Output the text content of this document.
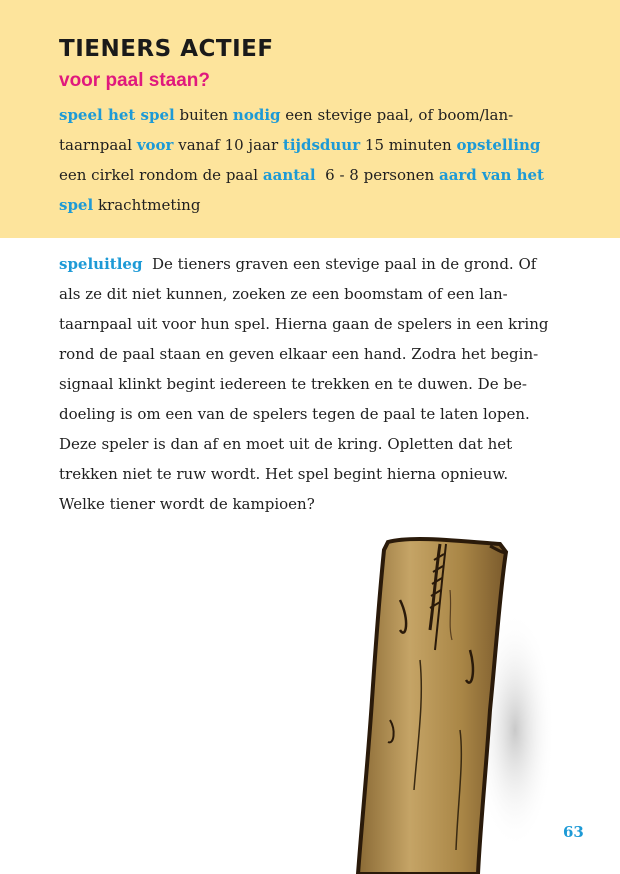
TIENERS ACTIEF
voor paal staan?
speel het spel buiten nodig een stevige paal, of boom/lan-
taarnpaal voor vanaf 10 jaar tijdsduur 15 minuten opstelling
een cirkel rondom de paal aantal 6 - 8 personen aard van het
spel krachtmeting
speluitleg De tieners graven een stevige paal in de grond. Of
als ze dit niet kunnen, zoeken ze een boomstam of een lan-
taarnpaal uit voor hun spel. Hierna gaan de spelers in een kring
rond de paal staan en geven elkaar een hand. Zodra het begin-
signaal klinkt begint iedereen te trekken en te duwen. De be-
doeling is om een van de spelers tegen de paal te laten lopen.
Deze speler is dan af en moet uit de kring. Opletten dat het
trekken niet te ruw wordt. Het spel begint hierna opnieuw.
Welke tiener wordt de kampioen?
63
